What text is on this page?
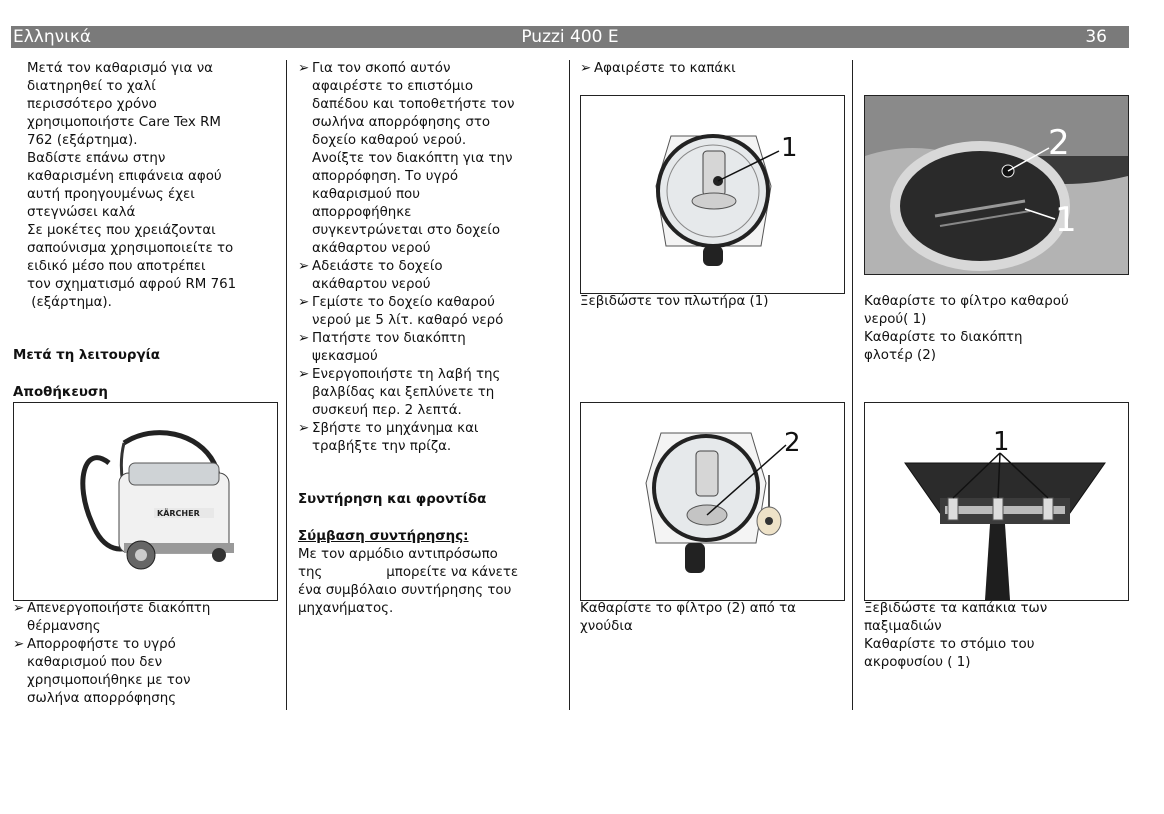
Ελληνικά	Puzzi 400 E	36
Μετά τον καθαρισμό για να
διατηρηθεί το χαλί
περισσότερο χρόνο
χρησιμοποιήστε Care Tex RM
762 (εξάρτημα).
Βαδίστε επάνω στην
καθαρισμένη επιφάνεια αφού
αυτή προηγουμένως έχει
στεγνώσει καλά
Σε μοκέτες που χρειάζονται
σαπούνισμα χρησιμοποιείτε το
ειδικό μέσο που αποτρέπει
τον σχηματισμό αφρού RM 761
(εξάρτημα).
Μετά τη λειτουργία
Αποθήκευση
KÄRCHER
➢ Απενεργοποιήστε διακόπτη
θέρμανσης
➢ Απορροφήστε το υγρό
καθαρισμού που δεν
χρησιμοποιήθηκε με τον
σωλήνα απορρόφησης
➢ Για τον σκοπό αυτόν
αφαιρέστε το επιστόμιο
δαπέδου και τοποθετήστε τον
σωλήνα απορρόφησης στο
δοχείο καθαρού νερού.
Ανοίξτε τον διακόπτη για την
απορρόφηση. Το υγρό
καθαρισμού που
απορροφήθηκε
συγκεντρώνεται στο δοχείο
ακάθαρτου νερού
➢ Αδειάστε το δοχείο
ακάθαρτου νερού
➢ Γεμίστε το δοχείο καθαρού
νερού με 5 λίτ. καθαρό νερό
➢ Πατήστε τον διακόπτη
ψεκασμού
➢ Ενεργοποιήστε τη λαβή της
βαλβίδας και ξεπλύνετε τη
συσκευή περ. 2 λεπτά.
➢ Σβήστε το μηχάνημα και
τραβήξτε την πρίζα.
Συντήρηση και φροντίδα
Σύμβαση συντήρησης:
Με τον αρμόδιο αντιπρόσωπο
της               μπορείτε να κάνετε
ένα συμβόλαιο συντήρησης του
μηχανήματος.
➢ Αφαιρέστε το καπάκι
1
Ξεβιδώστε τον πλωτήρα (1)
2
Καθαρίστε το φίλτρο (2) από τα
χνούδια
2
1
Καθαρίστε το φίλτρο καθαρού
νερού( 1)
Καθαρίστε το διακόπτη
φλοτέρ (2)
1
Ξεβιδώστε τα καπάκια των
παξιμαδιών
Καθαρίστε το στόμιο του
ακροφυσίου ( 1)
